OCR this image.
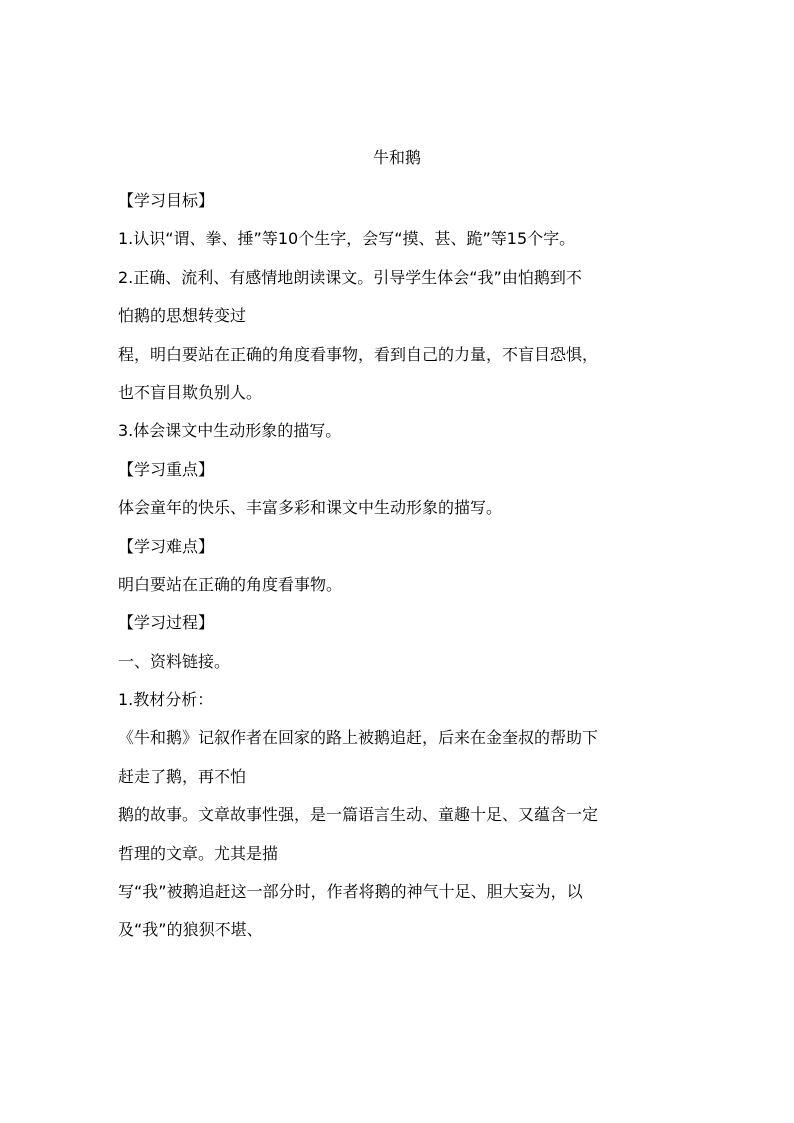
牛和鹅
【学习目标】
1.认识“谓、拳、捶”等10个生字，会写“摸、甚、跪”等15个字。
2.正确、流利、有感情地朗读课文。引导学生体会“我”由怕鹅到不
怕鹅的思想转变过
程，明白要站在正确的角度看事物，看到自己的力量，不盲目恐惧，
也不盲目欺负别人。
3.体会课文中生动形象的描写。
【学习重点】
体会童年的快乐、丰富多彩和课文中生动形象的描写。
【学习难点】
明白要站在正确的角度看事物。
【学习过程】
一、资料链接。
1.教材分析：
《牛和鹅》记叙作者在回家的路上被鹅追赶，后来在金奎叔的帮助下
赶走了鹅，再不怕
鹅的故事。文章故事性强，是一篇语言生动、童趣十足、又蕴含一定
哲理的文章。尤其是描
写“我”被鹅追赶这一部分时，作者将鹅的神气十足、胆大妄为，以
及“我”的狼狈不堪、
